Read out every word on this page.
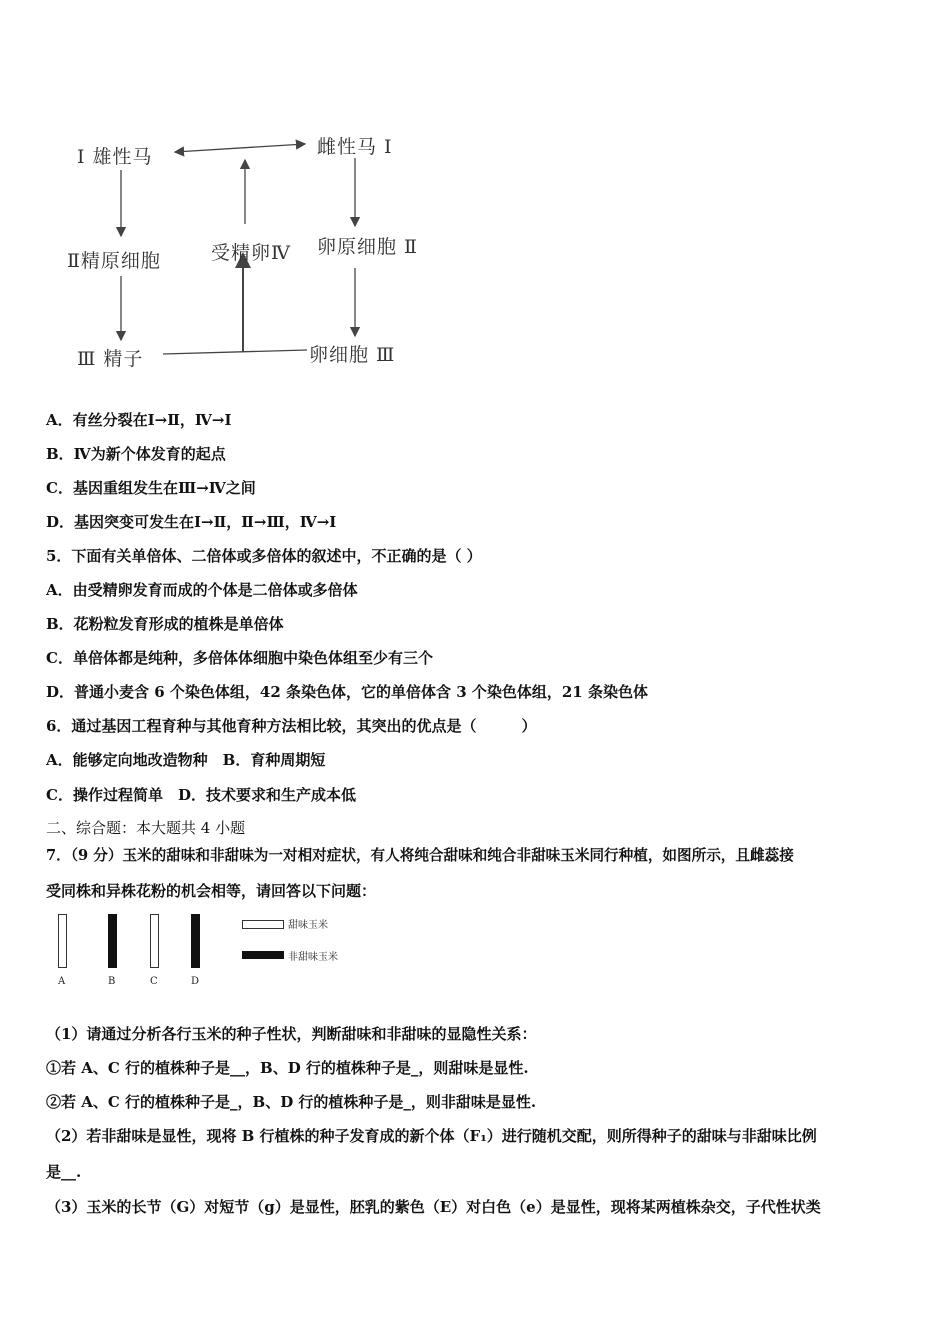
Ⅰ 雄性马	雌性马 Ⅰ
Ⅱ精原细胞	受精卵Ⅳ 卵原细胞 Ⅱ
Ⅲ 精子	卵细胞 Ⅲ
A．有丝分裂在Ⅰ→Ⅱ，Ⅳ→Ⅰ
B．Ⅳ为新个体发育的起点
C．基因重组发生在Ⅲ→Ⅳ之间
D．基因突变可发生在Ⅰ→Ⅱ，Ⅱ→Ⅲ，Ⅳ→Ⅰ
5．下面有关单倍体、二倍体或多倍体的叙述中，不正确的是（ ）
A．由受精卵发育而成的个体是二倍体或多倍体
B．花粉粒发育形成的植株是单倍体
C．单倍体都是纯种，多倍体体细胞中染色体组至少有三个
D．普通小麦含 6 个染色体组，42 条染色体，它的单倍体含 3 个染色体组，21 条染色体
6．通过基因工程育种与其他育种方法相比较，其突出的优点是（　　　）
A．能够定向地改造物种　B．育种周期短
C．操作过程简单　D．技术要求和生产成本低
二、综合题：本大题共 4 小题
7．（9 分）玉米的甜味和非甜味为一对相对症状，有人将纯合甜味和纯合非甜味玉米同行种植，如图所示，且雌蕊接
受同株和异株花粉的机会相等，请回答以下问题：
A	B	C	D
甜味玉米
非甜味玉米
（1）请通过分析各行玉米的种子性状，判断甜味和非甜味的显隐性关系：
①若 A、C 行的植株种子是__，B、D 行的植株种子是_，则甜味是显性.
②若 A、C 行的植株种子是_，B、D 行的植株种子是_，则非甜味是显性.
（2）若非甜味是显性，现将 B 行植株的种子发育成的新个体（F₁）进行随机交配，则所得种子的甜味与非甜味比例
是__.
（3）玉米的长节（G）对短节（g）是显性，胚乳的紫色（E）对白色（e）是显性，现将某两植株杂交，子代性状类
